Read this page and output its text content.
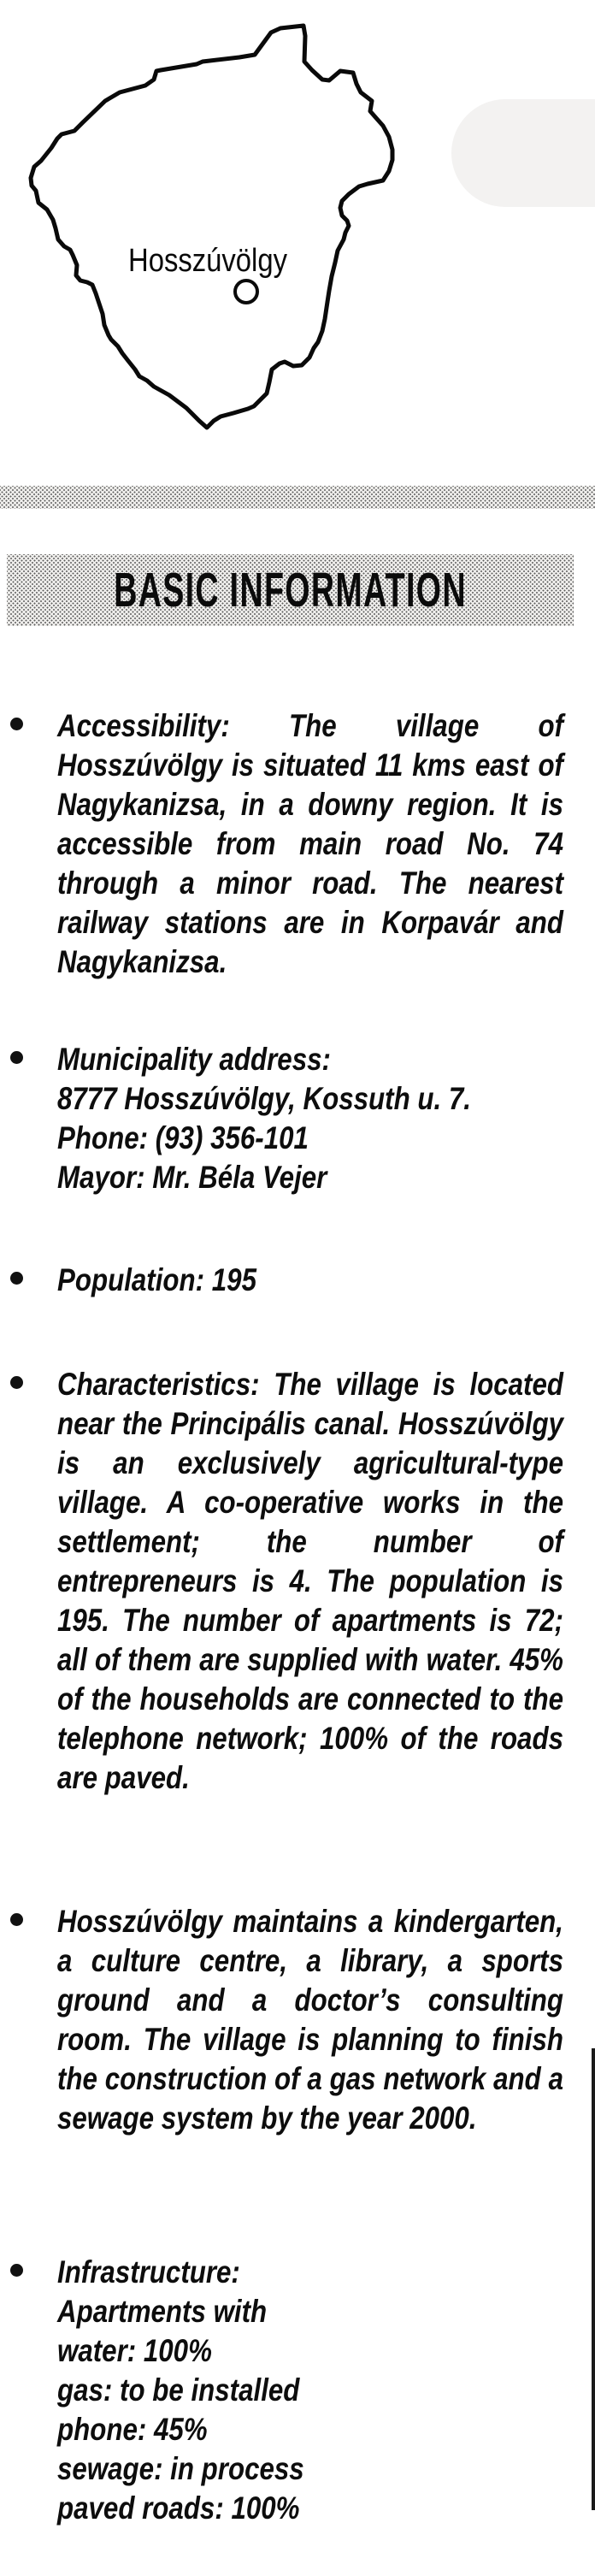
Hosszúvölgy
BASIC INFORMATION
Accessibility: The village of Hosszúvölgy is situated 11 kms east of Nagykanizsa, in a downy region. It is accessible from main road No. 74 through a minor road. The nearest railway stations are in Korpavár and Nagykanizsa.
Municipality address:
8777 Hosszúvölgy, Kossuth u. 7.
Phone: (93) 356-101
Mayor: Mr. Béla Vejer
Population: 195
Characteristics: The village is located near the Principális canal. Hosszúvölgy is an exclusively agricultural-type village. A co-operative works in the settlement; the number of entrepreneurs is 4. The population is 195. The number of apartments is 72; all of them are supplied with water. 45% of the households are connected to the telephone network; 100% of the roads are paved.
Hosszúvölgy maintains a kindergarten, a culture centre, a library, a sports ground and a doctor’s consulting room. The village is planning to finish the construction of a gas network and a sewage system by the year 2000.
Infrastructure:
Apartments with
water: 100%
gas: to be installed
phone: 45%
sewage: in process
paved roads: 100%
